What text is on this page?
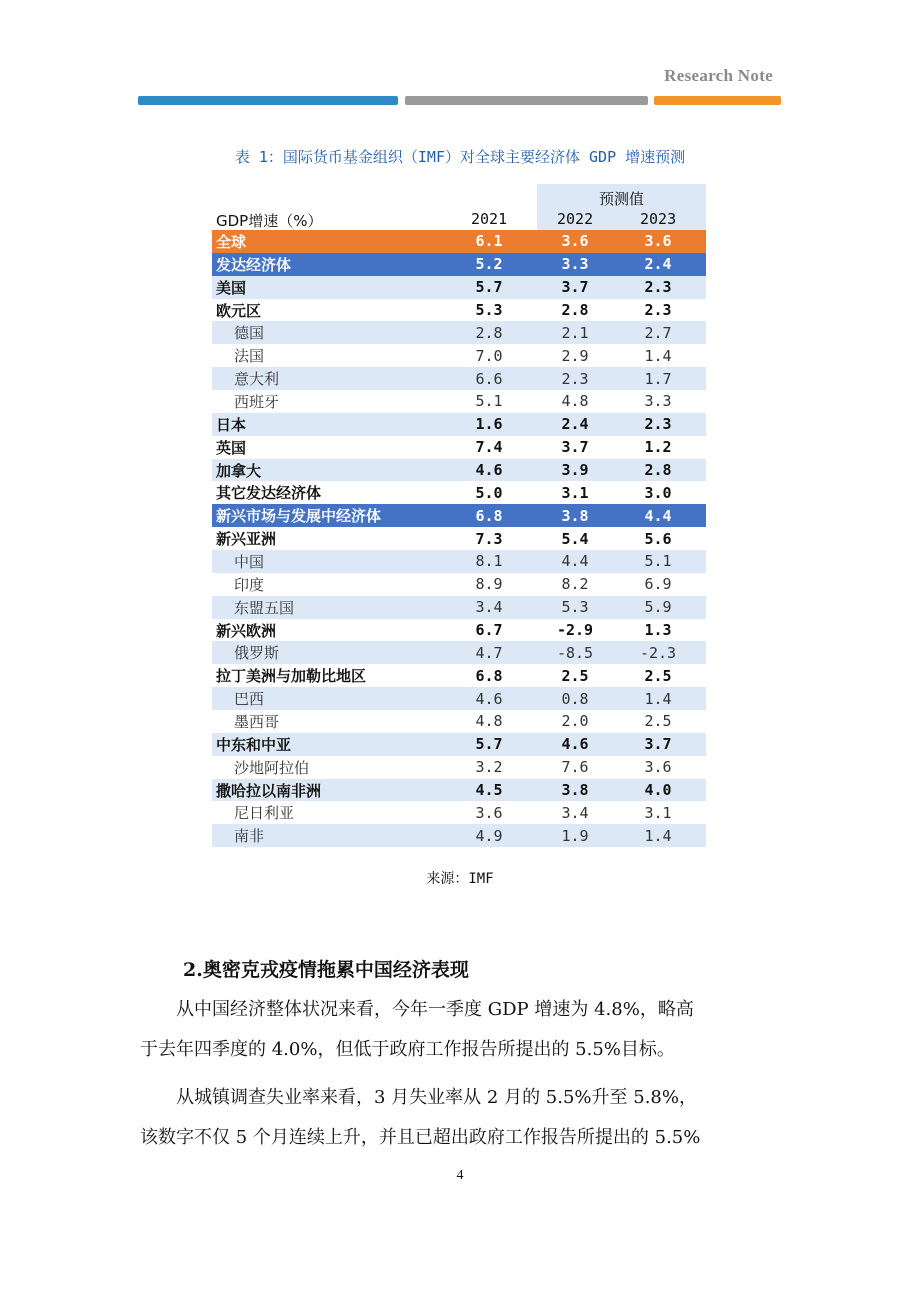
Research Note
表 1：国际货币基金组织（IMF）对全球主要经济体 GDP 增速预测
预测值
GDP增速（%）	2021	2022	2023
全球	6.1	3.6	3.6
发达经济体	5.2	3.3	2.4
美国	5.7	3.7	2.3
欧元区	5.3	2.8	2.3
德国	2.8	2.1	2.7
法国	7.0	2.9	1.4
意大利	6.6	2.3	1.7
西班牙	5.1	4.8	3.3
日本	1.6	2.4	2.3
英国	7.4	3.7	1.2
加拿大	4.6	3.9	2.8
其它发达经济体	5.0	3.1	3.0
新兴市场与发展中经济体	6.8	3.8	4.4
新兴亚洲	7.3	5.4	5.6
中国	8.1	4.4	5.1
印度	8.9	8.2	6.9
东盟五国	3.4	5.3	5.9
新兴欧洲	6.7	-2.9	1.3
俄罗斯	4.7	-8.5	-2.3
拉丁美洲与加勒比地区	6.8	2.5	2.5
巴西	4.6	0.8	1.4
墨西哥	4.8	2.0	2.5
中东和中亚	5.7	4.6	3.7
沙地阿拉伯	3.2	7.6	3.6
撒哈拉以南非洲	4.5	3.8	4.0
尼日利亚	3.6	3.4	3.1
南非	4.9	1.9	1.4
来源：IMF
2.奥密克戎疫情拖累中国经济表现

从中国经济整体状况来看，今年一季度 GDP 增速为 4.8%，略高

于去年四季度的 4.0%，但低于政府工作报告所提出的 5.5%目标。

从城镇调查失业率来看，3 月失业率从 2 月的 5.5%升至 5.8%，

该数字不仅 5 个月连续上升，并且已超出政府工作报告所提出的 5.5%
4
